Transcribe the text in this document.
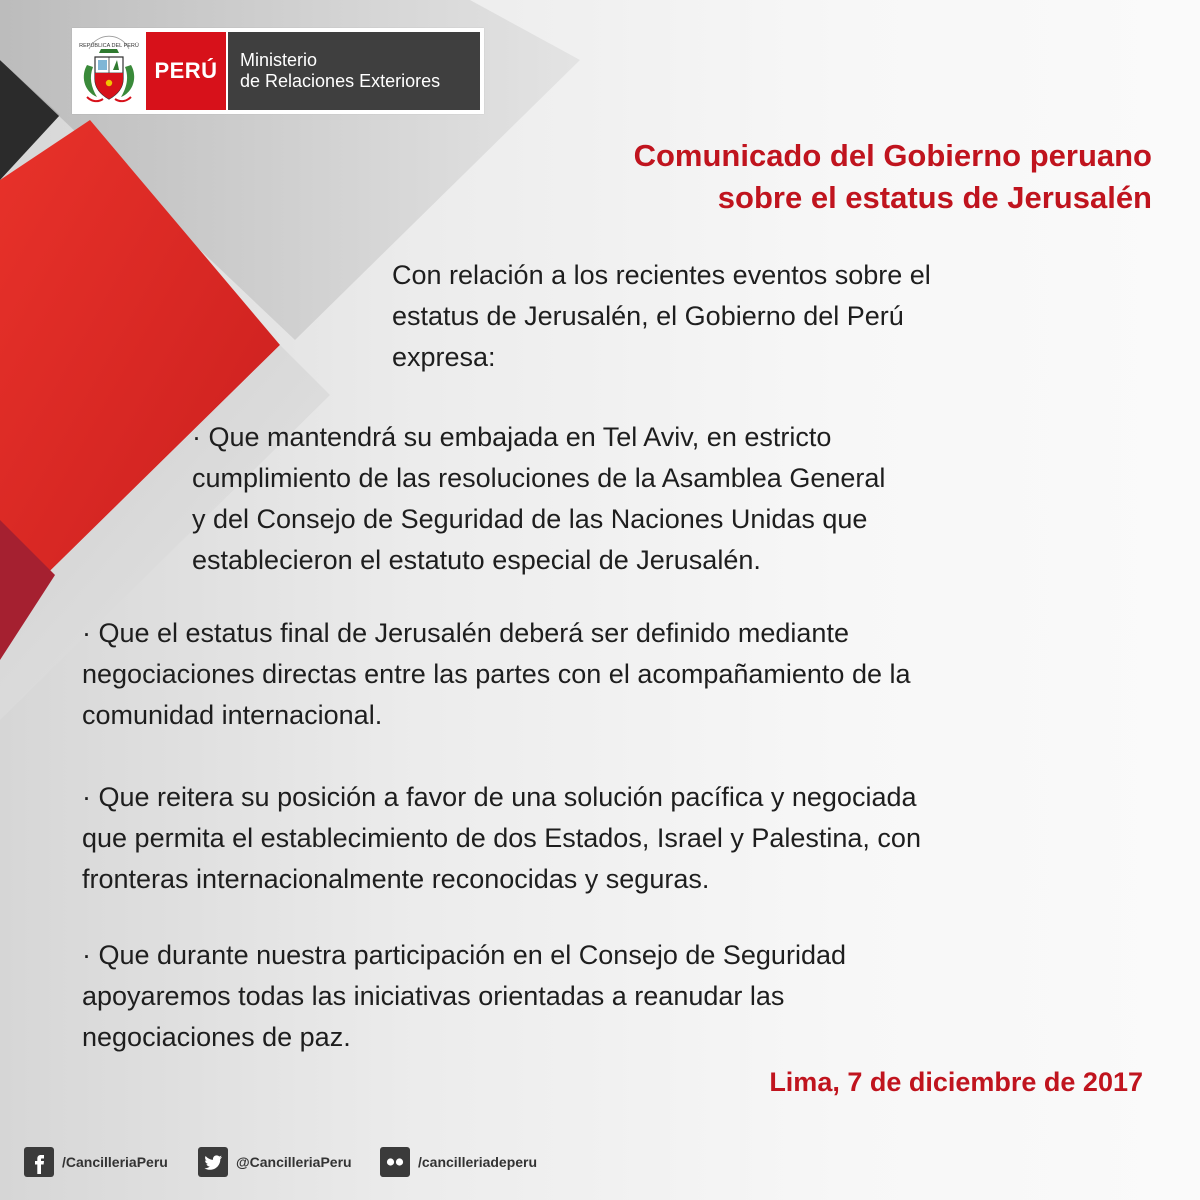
REPÚBLICA DEL PERÚ
PERÚ	Ministerio
de Relaciones Exteriores
Comunicado del Gobierno peruano
sobre el estatus de Jerusalén

Con relación a los recientes eventos sobre el
estatus de Jerusalén, el Gobierno del Perú
expresa:

· Que mantendrá su embajada en Tel Aviv, en estricto
cumplimiento de las resoluciones de la Asamblea General
y del Consejo de Seguridad de las Naciones Unidas que
establecieron el estatuto especial de Jerusalén.

· Que el estatus final de Jerusalén deberá ser definido mediante
negociaciones directas entre las partes con el acompañamiento de la
comunidad internacional.

· Que reitera su posición a favor de una solución pacífica y negociada
que permita el establecimiento de dos Estados, Israel y Palestina, con
fronteras internacionalmente reconocidas y seguras.

· Que durante nuestra participación en el Consejo de Seguridad
apoyaremos todas las iniciativas orientadas a reanudar las
negociaciones de paz.

Lima, 7 de diciembre de 2017

/CancilleriaPeru	@CancilleriaPeru	/cancilleriadeperu
